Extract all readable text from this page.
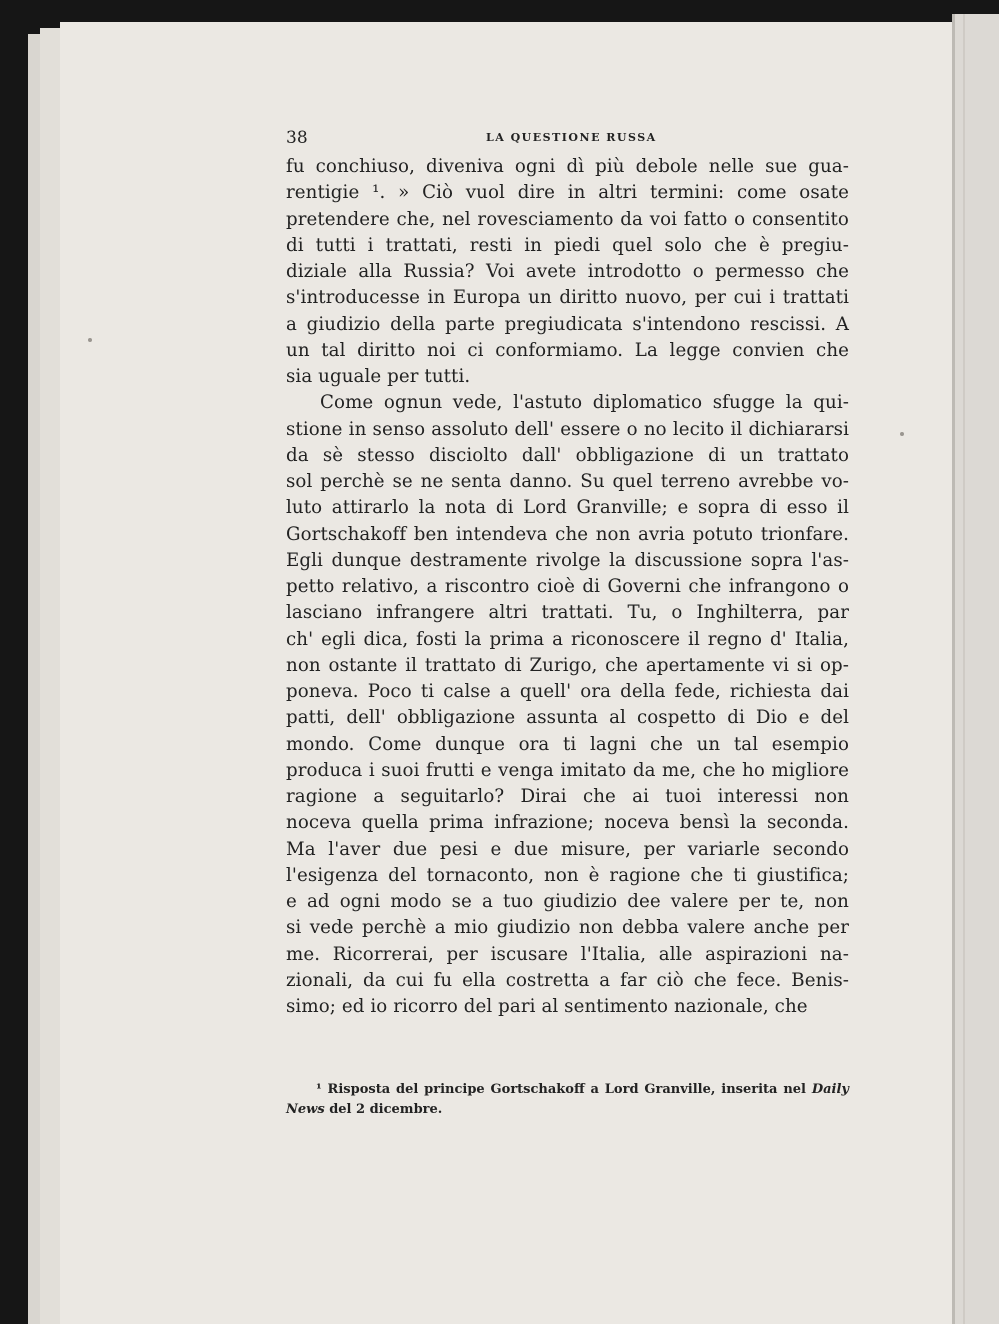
38	LA QUESTIONE RUSSA
fu conchiuso, diveniva ogni dì più debole nelle sue gua-
rentigie ¹. » Ciò vuol dire in altri termini: come osate
pretendere che, nel rovesciamento da voi fatto o consentito
di tutti i trattati, resti in piedi quel solo che è pregiu-
diziale alla Russia? Voi avete introdotto o permesso che
s'introducesse in Europa un diritto nuovo, per cui i trattati
a giudizio della parte pregiudicata s'intendono rescissi. A
un tal diritto noi ci conformiamo. La legge convien che
sia uguale per tutti.
Come ognun vede, l'astuto diplomatico sfugge la qui-
stione in senso assoluto dell' essere o no lecito il dichiararsi
da sè stesso disciolto dall' obbligazione di un trattato
sol perchè se ne senta danno. Su quel terreno avrebbe vo-
luto attirarlo la nota di Lord Granville; e sopra di esso il
Gortschakoff ben intendeva che non avria potuto trionfare.
Egli dunque destramente rivolge la discussione sopra l'as-
petto relativo, a riscontro cioè di Governi che infrangono o
lasciano infrangere altri trattati. Tu, o Inghilterra, par
ch' egli dica, fosti la prima a riconoscere il regno d' Italia,
non ostante il trattato di Zurigo, che apertamente vi si op-
poneva. Poco ti calse a quell' ora della fede, richiesta dai
patti, dell' obbligazione assunta al cospetto di Dio e del
mondo. Come dunque ora ti lagni che un tal esempio
produca i suoi frutti e venga imitato da me, che ho migliore
ragione a seguitarlo? Dirai che ai tuoi interessi non
noceva quella prima infrazione; noceva bensì la seconda.
Ma l'aver due pesi e due misure, per variarle secondo
l'esigenza del tornaconto, non è ragione che ti giustifica;
e ad ogni modo se a tuo giudizio dee valere per te, non
si vede perchè a mio giudizio non debba valere anche per
me. Ricorrerai, per iscusare l'Italia, alle aspirazioni na-
zionali, da cui fu ella costretta a far ciò che fece. Benis-
simo; ed io ricorro del pari al sentimento nazionale, che
¹ Risposta del principe Gortschakoff a Lord Granville, inserita nel Daily
News del 2 dicembre.
